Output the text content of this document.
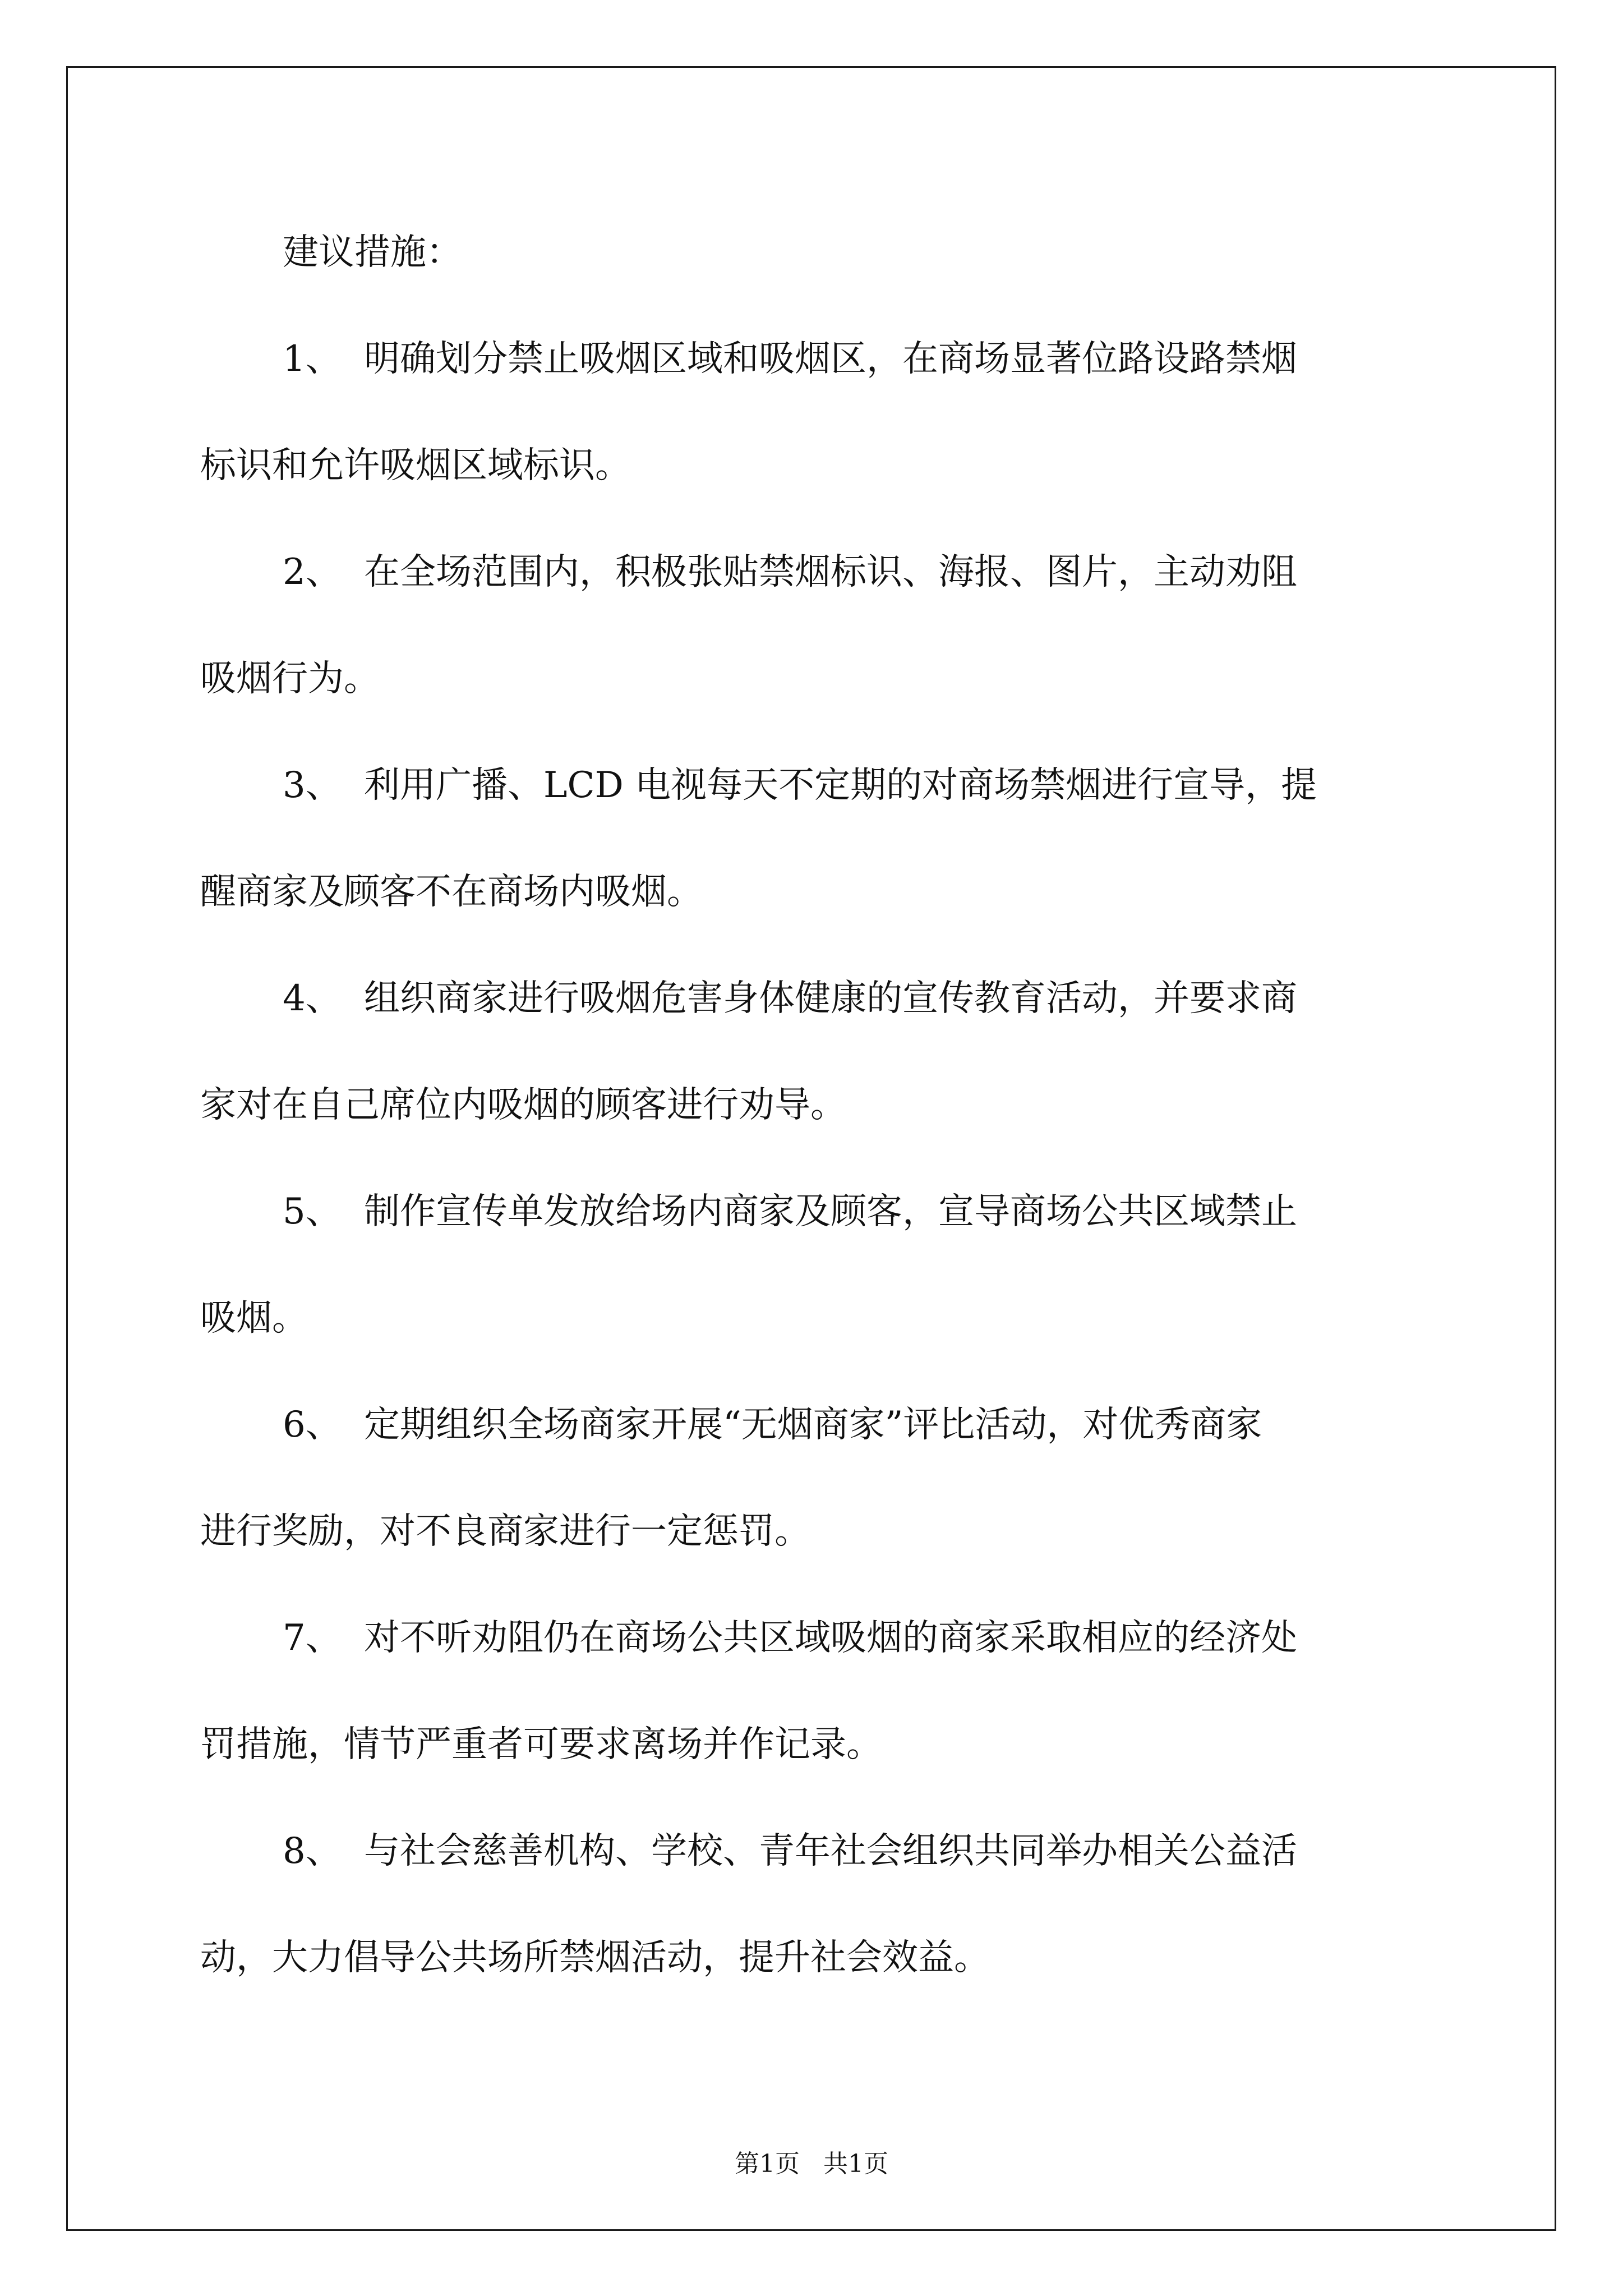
建议措施：
1、 明确划分禁止吸烟区域和吸烟区，在商场显著位路设路禁烟
标识和允许吸烟区域标识。
2、 在全场范围内，积极张贴禁烟标识、海报、图片，主动劝阻
吸烟行为。
3、 利用广播、LCD 电视每天不定期的对商场禁烟进行宣导，提
醒商家及顾客不在商场内吸烟。
4、 组织商家进行吸烟危害身体健康的宣传教育活动，并要求商
家对在自己席位内吸烟的顾客进行劝导。
5、 制作宣传单发放给场内商家及顾客，宣导商场公共区域禁止
吸烟。
6、 定期组织全场商家开展“无烟商家”评比活动，对优秀商家
进行奖励，对不良商家进行一定惩罚。
7、 对不听劝阻仍在商场公共区域吸烟的商家采取相应的经济处
罚措施，情节严重者可要求离场并作记录。
8、 与社会慈善机构、学校、青年社会组织共同举办相关公益活
动，大力倡导公共场所禁烟活动，提升社会效益。
第1页   共1页
